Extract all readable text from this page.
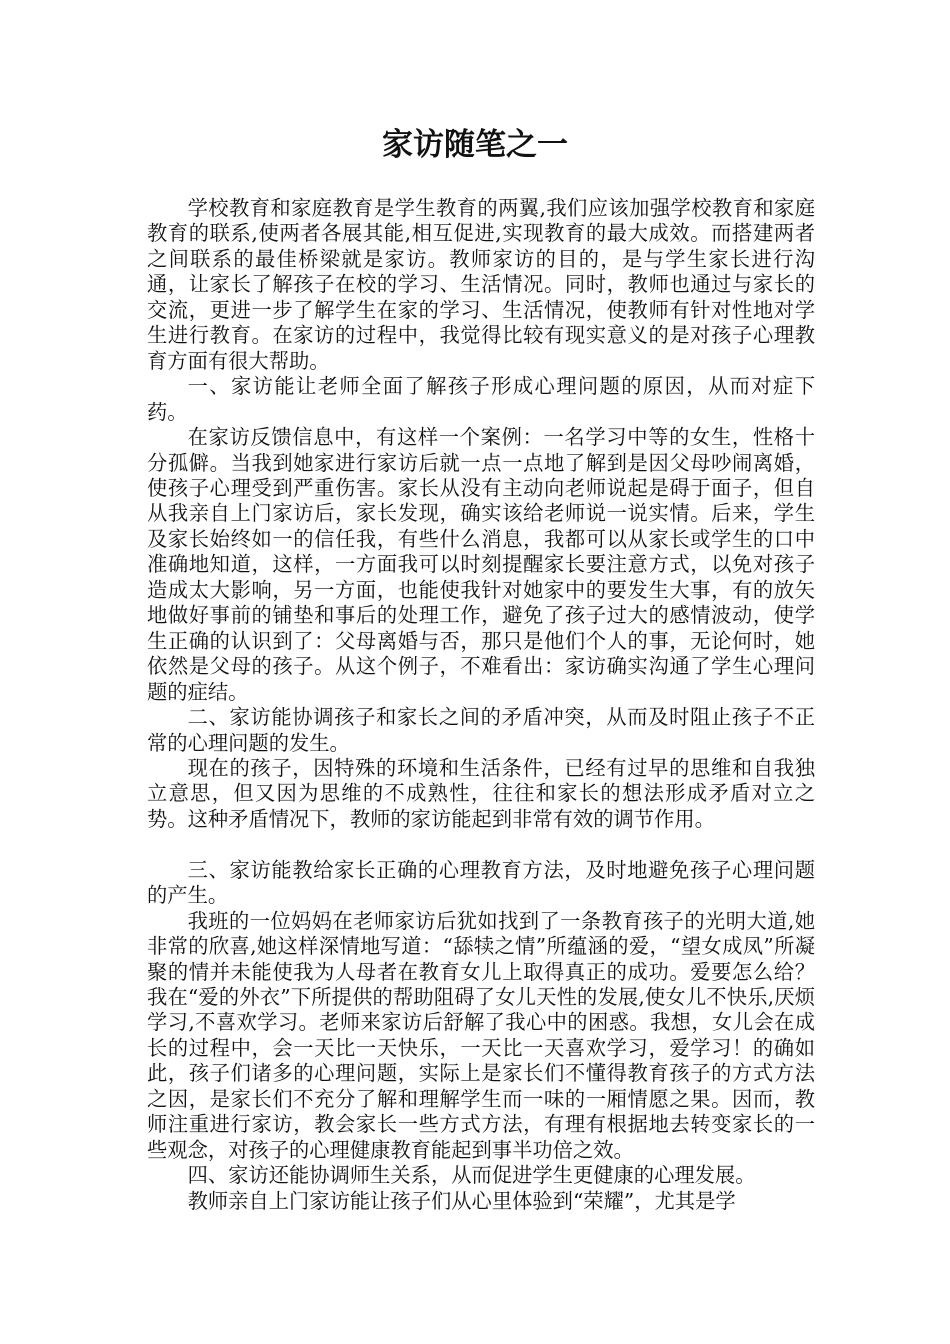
家访随笔之一

学校教育和家庭教育是学生教育的两翼,我们应该加强学校教育和家庭教育的联系,使两者各展其能,相互促进,实现教育的最大成效。而搭建两者之间联系的最佳桥梁就是家访。教师家访的目的，是与学生家长进行沟通，让家长了解孩子在校的学习、生活情况。同时，教师也通过与家长的交流，更进一步了解学生在家的学习、生活情况，使教师有针对性地对学生进行教育。在家访的过程中，我觉得比较有现实意义的是对孩子心理教育方面有很大帮助。

一、家访能让老师全面了解孩子形成心理问题的原因，从而对症下药。

在家访反馈信息中，有这样一个案例：一名学习中等的女生，性格十分孤僻。当我到她家进行家访后就一点一点地了解到是因父母吵闹离婚，使孩子心理受到严重伤害。家长从没有主动向老师说起是碍于面子，但自从我亲自上门家访后，家长发现，确实该给老师说一说实情。后来，学生及家长始终如一的信任我，有些什么消息，我都可以从家长或学生的口中准确地知道，这样，一方面我可以时刻提醒家长要注意方式，以免对孩子造成太大影响，另一方面，也能使我针对她家中的要发生大事，有的放矢地做好事前的铺垫和事后的处理工作，避免了孩子过大的感情波动，使学生正确的认识到了：父母离婚与否，那只是他们个人的事，无论何时，她依然是父母的孩子。从这个例子，不难看出：家访确实沟通了学生心理问题的症结。

二、家访能协调孩子和家长之间的矛盾冲突，从而及时阻止孩子不正常的心理问题的发生。

现在的孩子，因特殊的环境和生活条件，已经有过早的思维和自我独立意思，但又因为思维的不成熟性，往往和家长的想法形成矛盾对立之势。这种矛盾情况下，教师的家访能起到非常有效的调节作用。

三、家访能教给家长正确的心理教育方法，及时地避免孩子心理问题的产生。

我班的一位妈妈在老师家访后犹如找到了一条教育孩子的光明大道,她非常的欣喜,她这样深情地写道：“舔犊之情”所蕴涵的爱，“望女成凤”所凝聚的情并未能使我为人母者在教育女儿上取得真正的成功。爱要怎么给？我在“爱的外衣”下所提供的帮助阻碍了女儿天性的发展,使女儿不快乐,厌烦学习,不喜欢学习。老师来家访后舒解了我心中的困惑。我想，女儿会在成长的过程中，会一天比一天快乐，一天比一天喜欢学习，爱学习！的确如此，孩子们诸多的心理问题，实际上是家长们不懂得教育孩子的方式方法之因，是家长们不充分了解和理解学生而一味的一厢情愿之果。因而，教师注重进行家访，教会家长一些方式方法，有理有根据地去转变家长的一些观念，对孩子的心理健康教育能起到事半功倍之效。

四、家访还能协调师生关系，从而促进学生更健康的心理发展。

教师亲自上门家访能让孩子们从心里体验到“荣耀”，尤其是学
